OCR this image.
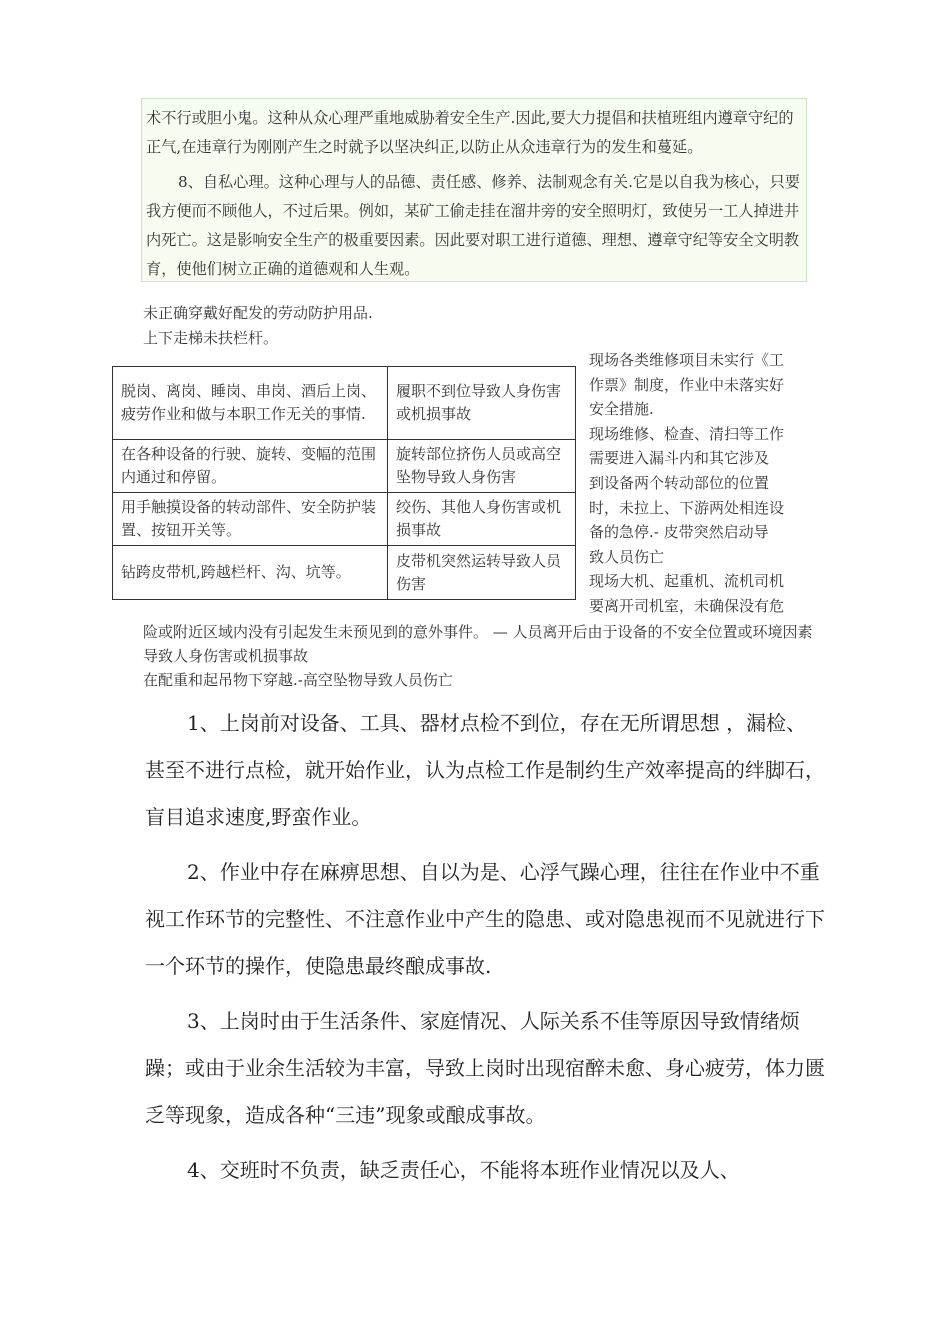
术不行或胆小鬼。这种从众心理严重地威胁着安全生产.因此,要大力提倡和扶植班组内遵章守纪的正气,在违章行为刚刚产生之时就予以坚决纠正,以防止从众违章行为的发生和蔓延。

8、自私心理。这种心理与人的品德、责任感、修养、法制观念有关.它是以自我为核心，只要我方便而不顾他人，不过后果。例如，某矿工偷走挂在溜井旁的安全照明灯，致使另一工人掉进井内死亡。这是影响安全生产的极重要因素。因此要对职工进行道德、理想、遵章守纪等安全文明教育，使他们树立正确的道德观和人生观。

未正确穿戴好配发的劳动防护用品.
上下走梯未扶栏杆。
脱岗、离岗、睡岗、串岗、酒后上岗、疲劳作业和做与本职工作无关的事情.	履职不到位导致人身伤害或机损事故
在各种设备的行驶、旋转、变幅的范围内通过和停留。	旋转部位挤伤人员或高空坠物导致人身伤害
用手触摸设备的转动部件、安全防护装置、按钮开关等。	绞伤、其他人身伤害或机损事故
钻跨皮带机,跨越栏杆、沟、坑等。	皮带机突然运转导致人员伤害
现场各类维修项目未实行《工
作票》制度，作业中未落实好
安全措施.
现场维修、检查、清扫等工作
需要进入漏斗内和其它涉及
到设备两个转动部位的位置
时，未拉上、下游两处相连设
备的急停.- 皮带突然启动导
致人员伤亡
现场大机、起重机、流机司机
要离开司机室，未确保没有危
险或附近区域内没有引起发生未预见到的意外事件。 — 人员离开后由于设备的不安全位置或环境因素导致人身伤害或机损事故
在配重和起吊物下穿越.-高空坠物导致人员伤亡

1、上岗前对设备、工具、器材点检不到位，存在无所谓思想 ，漏检、甚至不进行点检，就开始作业，认为点检工作是制约生产效率提高的绊脚石，盲目追求速度,野蛮作业。

2、作业中存在麻痹思想、自以为是、心浮气躁心理，往往在作业中不重视工作环节的完整性、不注意作业中产生的隐患、或对隐患视而不见就进行下一个环节的操作，使隐患最终酿成事故.

3、上岗时由于生活条件、家庭情况、人际关系不佳等原因导致情绪烦躁；或由于业余生活较为丰富，导致上岗时出现宿醉未愈、身心疲劳，体力匮乏等现象，造成各种“三违”现象或酿成事故。

4、交班时不负责，缺乏责任心，不能将本班作业情况以及人、
